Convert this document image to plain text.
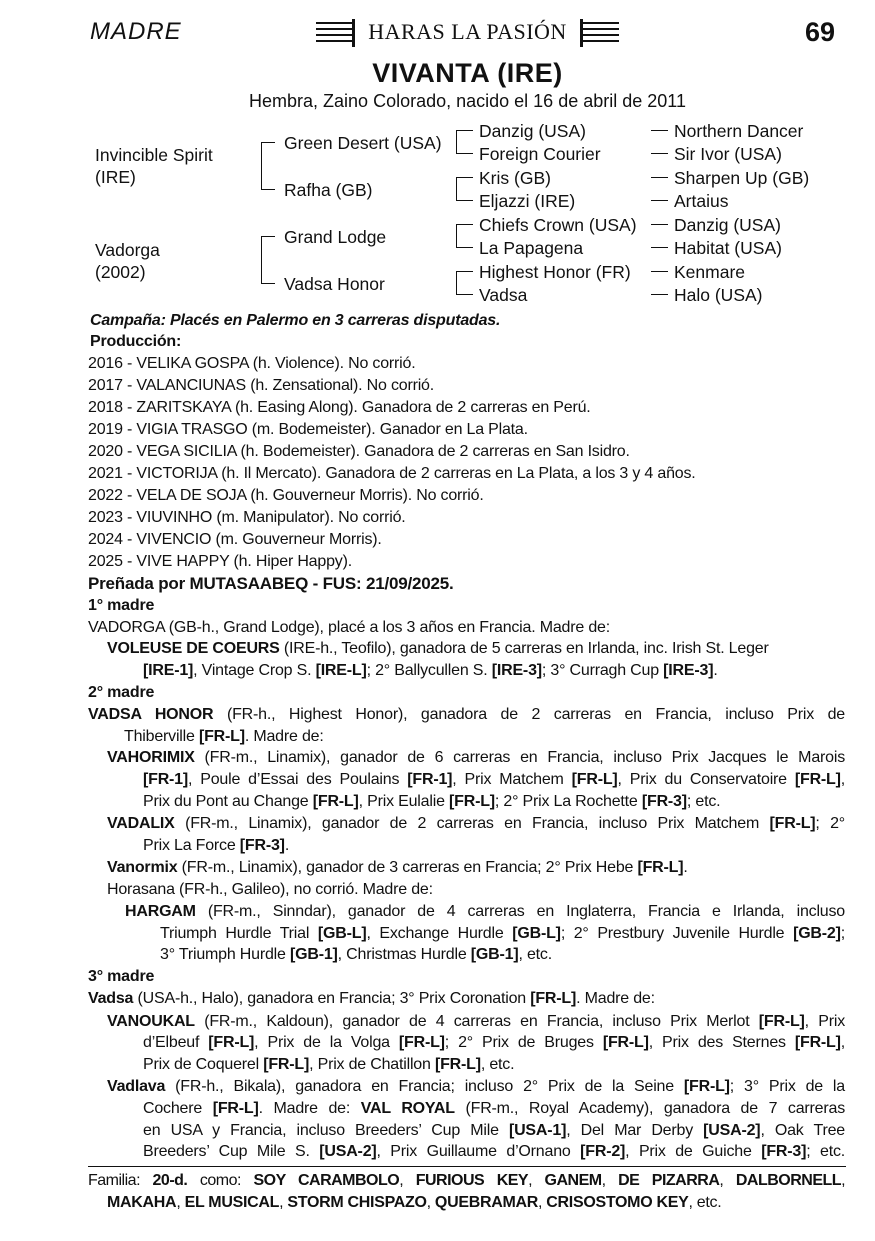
MADRE	HARAS LA PASIÓN	69
VIVANTA (IRE)
Hembra, Zaino Colorado, nacido el 16 de abril de 2011
Invincible Spirit
(IRE)
Vadorga
(2002)
Green Desert (USA)
Rafha (GB)
Grand Lodge
Vadsa Honor
Danzig (USA)
Foreign Courier
Kris (GB)
Eljazzi (IRE)
Chiefs Crown (USA)
La Papagena
Highest Honor (FR)
Vadsa
Northern Dancer
Sir Ivor (USA)
Sharpen Up (GB)
Artaius
Danzig (USA)
Habitat (USA)
Kenmare
Halo (USA)
Campaña: Placés en Palermo en 3 carreras disputadas.
Producción:
2016 - VELIKA GOSPA (h. Violence). No corrió.
2017 - VALANCIUNAS (h. Zensational). No corrió.
2018 - ZARITSKAYA (h. Easing Along). Ganadora de 2 carreras en Perú.
2019 - VIGIA TRASGO (m. Bodemeister). Ganador en La Plata.
2020 - VEGA SICILIA (h. Bodemeister). Ganadora de 2 carreras en San Isidro.
2021 - VICTORIJA (h. Il Mercato). Ganadora de 2 carreras en La Plata, a los 3 y 4 años.
2022 - VELA DE SOJA (h. Gouverneur Morris). No corrió.
2023 - VIUVINHO (m. Manipulator). No corrió.
2024 - VIVENCIO (m. Gouverneur Morris).
2025 - VIVE HAPPY (h. Hiper Happy).
Preñada por MUTASAABEQ - FUS: 21/09/2025.
1° madre
VADORGA (GB-h., Grand Lodge), placé a los 3 años en Francia. Madre de:
VOLEUSE DE COEURS (IRE-h., Teofilo), ganadora de 5 carreras en Irlanda, inc. Irish St. Leger
[IRE-1], Vintage Crop S. [IRE-L]; 2° Ballycullen S. [IRE-3]; 3° Curragh Cup [IRE-3].
2° madre
VADSA HONOR (FR-h., Highest Honor), ganadora de 2 carreras en Francia, incluso Prix de
Thiberville [FR-L]. Madre de:
VAHORIMIX (FR-m., Linamix), ganador de 6 carreras en Francia, incluso Prix Jacques le Marois
[FR-1], Poule d’Essai des Poulains [FR-1], Prix Matchem [FR-L], Prix du Conservatoire [FR-L],
Prix du Pont au Change [FR-L], Prix Eulalie [FR-L]; 2° Prix La Rochette [FR-3]; etc.
VADALIX (FR-m., Linamix), ganador de 2 carreras en Francia, incluso Prix Matchem [FR-L]; 2°
Prix La Force [FR-3].
Vanormix (FR-m., Linamix), ganador de 3 carreras en Francia; 2° Prix Hebe [FR-L].
Horasana (FR-h., Galileo), no corrió. Madre de:
HARGAM (FR-m., Sinndar), ganador de 4 carreras en Inglaterra, Francia e Irlanda, incluso
Triumph Hurdle Trial [GB-L], Exchange Hurdle [GB-L]; 2° Prestbury Juvenile Hurdle [GB-2];
3° Triumph Hurdle [GB-1], Christmas Hurdle [GB-1], etc.
3° madre
Vadsa (USA-h., Halo), ganadora en Francia; 3° Prix Coronation [FR-L]. Madre de:
VANOUKAL (FR-m., Kaldoun), ganador de 4 carreras en Francia, incluso Prix Merlot [FR-L], Prix
d’Elbeuf [FR-L], Prix de la Volga [FR-L]; 2° Prix de Bruges [FR-L], Prix des Sternes [FR-L],
Prix de Coquerel [FR-L], Prix de Chatillon [FR-L], etc.
Vadlava (FR-h., Bikala), ganadora en Francia; incluso 2° Prix de la Seine [FR-L]; 3° Prix de la
Cochere [FR-L]. Madre de: VAL ROYAL (FR-m., Royal Academy), ganadora de 7 carreras
en USA y Francia, incluso Breeders’ Cup Mile [USA-1], Del Mar Derby [USA-2], Oak Tree
Breeders’ Cup Mile S. [USA-2], Prix Guillaume d’Ornano [FR-2], Prix de Guiche [FR-3]; etc.
Familia: 20-d. como: SOY CARAMBOLO, FURIOUS KEY, GANEM, DE PIZARRA, DALBORNELL,
MAKAHA, EL MUSICAL, STORM CHISPAZO, QUEBRAMAR, CRISOSTOMO KEY, etc.
